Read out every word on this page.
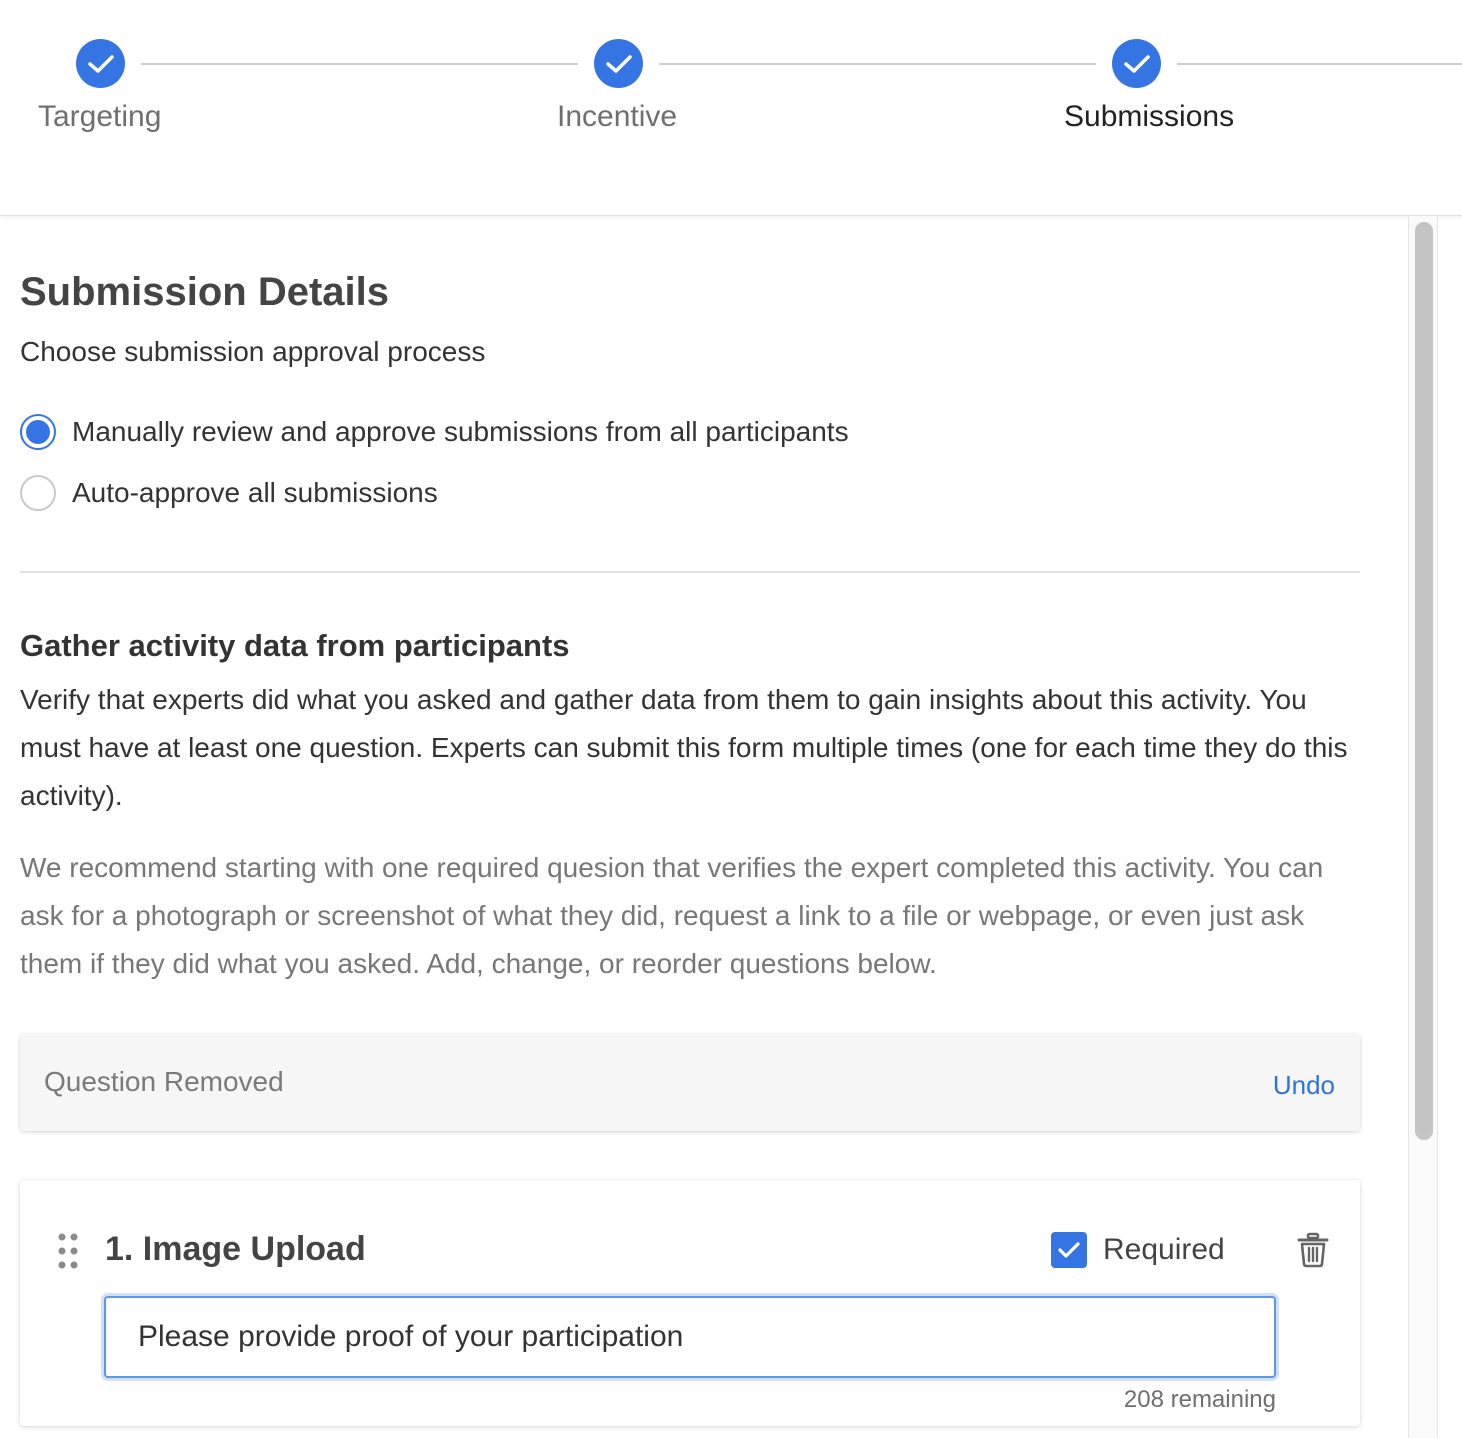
Targeting	Incentive	Submissions
Submission Details
Choose submission approval process
Manually review and approve submissions from all participants
Auto-approve all submissions
Gather activity data from participants
Verify that experts did what you asked and gather data from them to gain insights about this activity. You must have at least one question. Experts can submit this form multiple times (one for each time they do this activity).
We recommend starting with one required quesion that verifies the expert completed this activity. You can ask for a photograph or screenshot of what they did, request a link to a file or webpage, or even just ask them if they did what you asked. Add, change, or reorder questions below.
Question Removed	Undo
1. Image Upload	Required
Please provide proof of your participation
208 remaining
